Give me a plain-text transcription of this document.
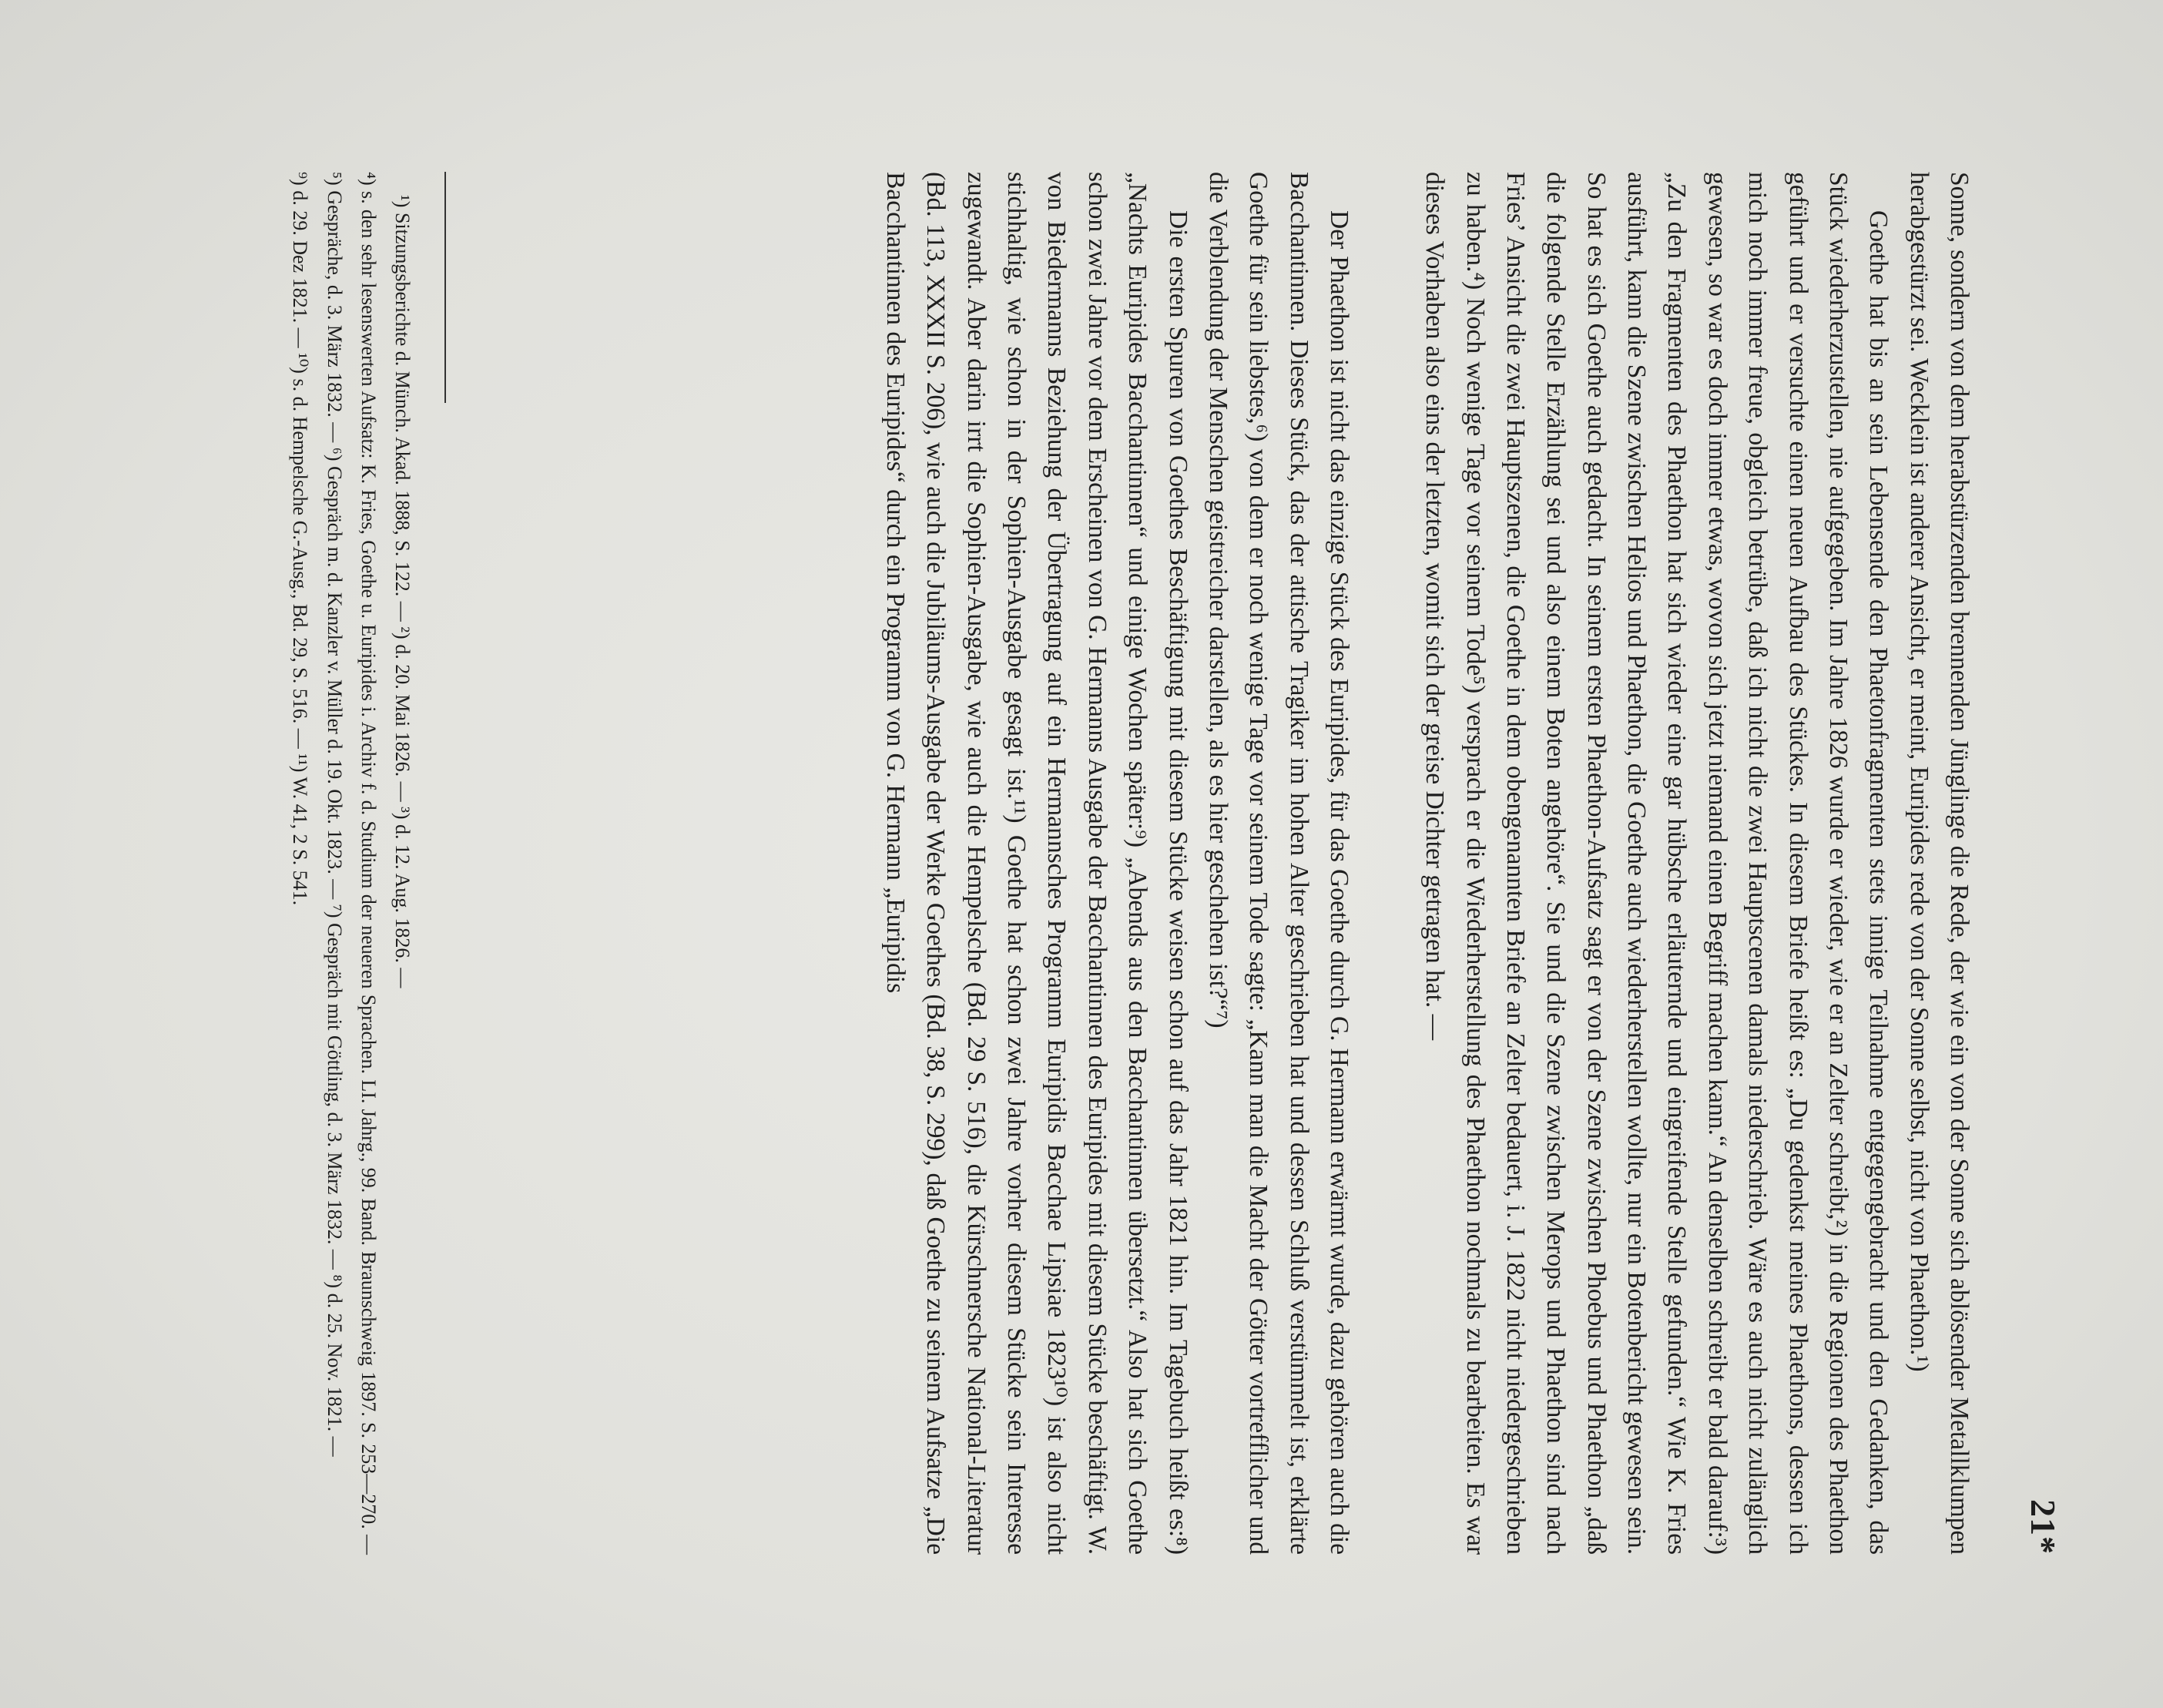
21*

Sonne, sondern von dem herabstürzenden brennenden Jünglinge die Rede, der wie ein von der Sonne sich ablösender Metallklumpen herabgestürzt sei. Wecklein ist anderer Ansicht, er meint, Euripides rede von der Sonne selbst, nicht von Phaethon.¹)

Goethe hat bis an sein Lebensende den Phaetonfragmenten stets innige Teilnahme entgegengebracht und den Gedanken, das Stück wiederherzustellen, nie aufgegeben. Im Jahre 1826 wurde er wieder, wie er an Zelter schreibt,²) in die Regionen des Phaethon geführt und er versuchte einen neuen Aufbau des Stückes. In diesem Briefe heißt es: „Du gedenkst meines Phaethons, dessen ich mich noch immer freue, obgleich betrübe, daß ich nicht die zwei Hauptscenen damals niederschrieb. Wäre es auch nicht zulänglich gewesen, so war es doch immer etwas, wovon sich jetzt niemand einen Begriff machen kann.“ An denselben schreibt er bald darauf:³) „Zu den Fragmenten des Phaethon hat sich wieder eine gar hübsche erläuternde und eingreifende Stelle gefunden.“ Wie K. Fries ausführt, kann die Szene zwischen Helios und Phaethon, die Goethe auch wiederherstellen wollte, nur ein Botenbericht gewesen sein. So hat es sich Goethe auch gedacht. In seinem ersten Phaethon-Aufsatz sagt er von der Szene zwischen Phoebus und Phaethon „daß die folgende Stelle Erzählung sei und also einem Boten angehöre“. Sie und die Szene zwischen Merops und Phaethon sind nach Fries’ Ansicht die zwei Hauptszenen, die Goethe in dem obengenannten Briefe an Zelter bedauert, i. J. 1822 nicht niedergeschrieben zu haben.⁴) Noch wenige Tage vor seinem Tode⁵) versprach er die Wiederherstellung des Phaethon nochmals zu bearbeiten. Es war dieses Vorhaben also eins der letzten, womit sich der greise Dichter getragen hat. —

Der Phaethon ist nicht das einzige Stück des Euripides, für das Goethe durch G. Hermann erwärmt wurde, dazu gehören auch die Bacchantinnen. Dieses Stück, das der attische Tragiker im hohen Alter geschrieben hat und dessen Schluß verstümmelt ist, erklärte Goethe für sein liebstes,⁶) von dem er noch wenige Tage vor seinem Tode sagte: „Kann man die Macht der Götter vortrefflicher und die Verblendung der Menschen geistreicher darstellen, als es hier geschehen ist?“⁷)

Die ersten Spuren von Goethes Beschäftigung mit diesem Stücke weisen schon auf das Jahr 1821 hin. Im Tagebuch heißt es:⁸) „Nachts Euripides Bacchantinnen“ und einige Wochen später:⁹) „Abends aus den Bacchantinnen übersetzt.“ Also hat sich Goethe schon zwei Jahre vor dem Erscheinen von G. Hermanns Ausgabe der Bacchantinnen des Euripides mit diesem Stücke beschäftigt. W. von Biedermanns Beziehung der Übertragung auf ein Hermannsches Programm Euripidis Bacchae Lipsiae 1823¹⁰) ist also nicht stichhaltig, wie schon in der Sophien-Ausgabe gesagt ist.¹¹) Goethe hat schon zwei Jahre vorher diesem Stücke sein Interesse zugewandt. Aber darin irrt die Sophien-Ausgabe, wie auch die Hempelsche (Bd. 29 S. 516), die Kürschnersche National-Literatur (Bd. 113, XXXII S. 206), wie auch die Jubiläums-Ausgabe der Werke Goethes (Bd. 38, S. 299), daß Goethe zu seinem Aufsatze „Die Bacchantinnen des Euripides“ durch ein Programm von G. Hermann „Euripidis

¹) Sitzungsberichte d. Münch. Akad. 1888, S. 122. — ²) d. 20. Mai 1826. — ³) d. 12. Aug. 1826. —

⁴) s. den sehr lesenswerten Aufsatz: K. Fries, Goethe u. Euripides i. Archiv f. d. Studium der neueren Sprachen. LI. Jahrg., 99. Band. Braunschweig 1897. S. 253—270. — ⁵) Gespräche, d. 3. März 1832. — ⁶) Gespräch m. d. Kanzler v. Müller d. 19. Okt. 1823. — ⁷) Gespräch mit Göttling, d. 3. März 1832. — ⁸) d. 25. Nov. 1821. —

⁹) d. 29. Dez 1821. — ¹⁰) s. d. Hempelsche G.-Ausg., Bd. 29, S. 516. — ¹¹) W. 41, 2 S. 541.
